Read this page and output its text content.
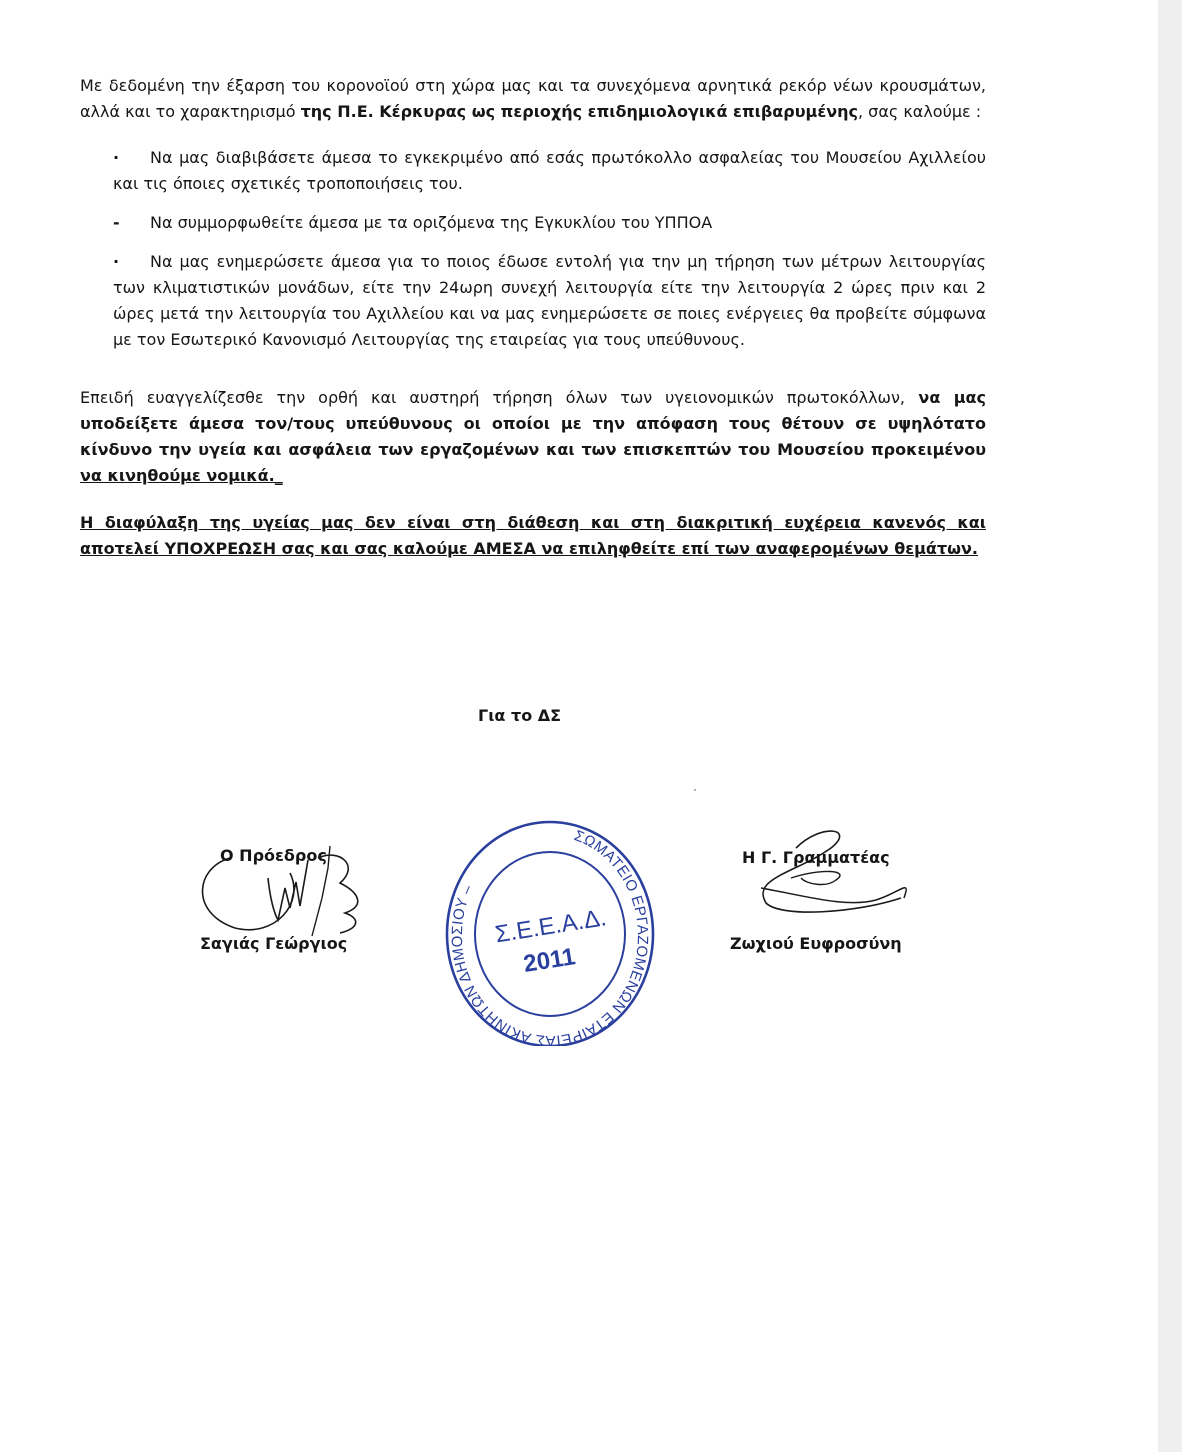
Με δεδομένη την έξαρση του κορονοϊού στη χώρα μας και τα συνεχόμενα αρνητικά ρεκόρ νέων κρουσμάτων, αλλά και το χαρακτηρισμό της Π.Ε. Κέρκυρας ως περιοχής επιδημιολογικά επιβαρυμένης, σας καλούμε :

· Να μας διαβιβάσετε άμεσα το εγκεκριμένο από εσάς πρωτόκολλο ασφαλείας του Μουσείου Αχιλλείου και τις όποιες σχετικές τροποποιήσεις του.
- Να συμμορφωθείτε άμεσα με τα οριζόμενα της Εγκυκλίου του ΥΠΠΟΑ
· Να μας ενημερώσετε άμεσα για το ποιος έδωσε εντολή για την μη τήρηση των μέτρων λειτουργίας των κλιματιστικών μονάδων, είτε την 24ωρη συνεχή λειτουργία είτε την λειτουργία 2 ώρες πριν και 2 ώρες μετά την λειτουργία του Αχιλλείου και να μας ενημερώσετε σε ποιες ενέργειες θα προβείτε σύμφωνα με τον Εσωτερικό Κανονισμό Λειτουργίας της εταιρείας για τους υπεύθυνους.

Επειδή ευαγγελίζεσθε την ορθή και αυστηρή τήρηση όλων των υγειονομικών πρωτοκόλλων, να μας υποδείξετε άμεσα τον/τους υπεύθυνους οι οποίοι με την απόφαση τους θέτουν σε υψηλότατο κίνδυνο την υγεία και ασφάλεια των εργαζομένων και των επισκεπτών του Μουσείου προκειμένου να κινηθούμε νομικά._

Η διαφύλαξη της υγείας μας δεν είναι στη διάθεση και στη διακριτική ευχέρεια κανενός και αποτελεί ΥΠΟΧΡΕΩΣΗ σας και σας καλούμε ΑΜΕΣΑ να επιληφθείτε επί των αναφερομένων θεμάτων.

Για το ΔΣ
Ο Πρόεδρος
Σαγιάς Γεώργιος
ΣΩΜΑΤΕΙΟ ΕΡΓΑΖΟΜΕΝΩΝ ΕΤΑΙΡΕΙΑΣ ΑΚΙΝΗΤΩΝ ΔΗΜΟΣΙΟΥ –
Σ.Ε.Ε.Α.Δ.
2011
Η Γ. Γραμματέας
Ζωχιού Ευφροσύνη
